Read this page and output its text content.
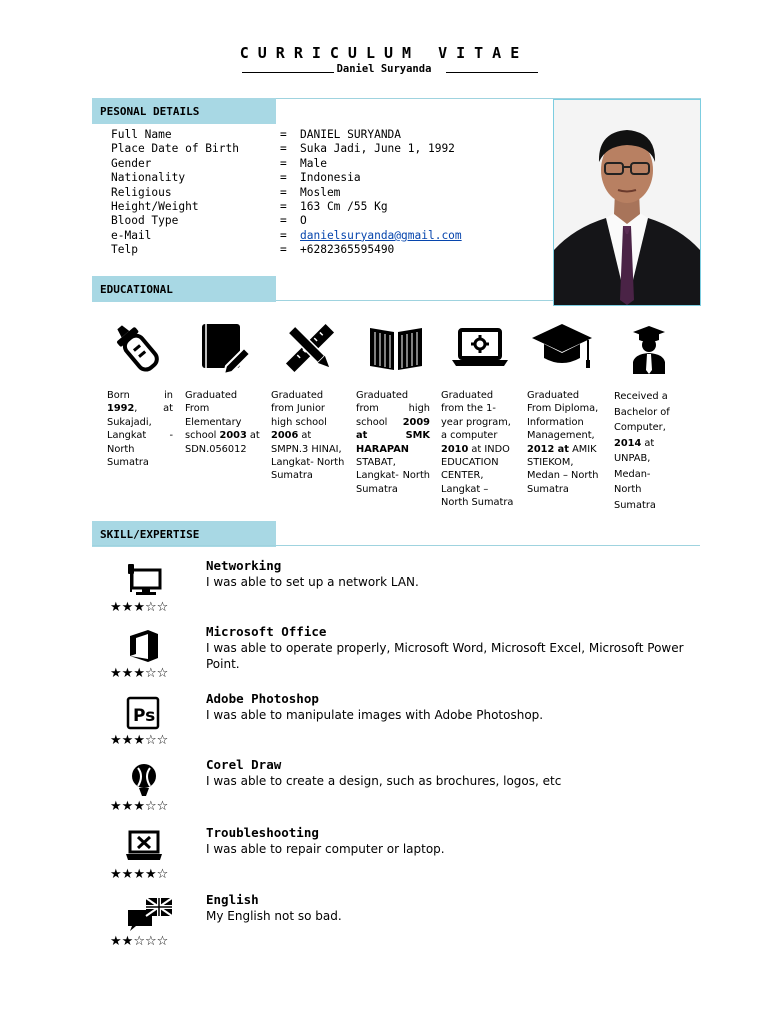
CURRICULUM VITAE
Daniel Suryanda
PESONAL DETAILS
Full Name	= DANIEL SURYANDA
Place Date of Birth	= Suka Jadi, June 1, 1992
Gender	= Male
Nationality	= Indonesia
Religious	= Moslem
Height/Weight	= 163 Cm /55 Kg
Blood Type	= O
e-Mail	= danielsuryanda@gmail.com
Telp	= +6282365595490
EDUCATIONAL
Born in 1992, at Sukajadi, Langkat - North Sumatra
Graduated From Elementary school 2003 at SDN.056012
Graduated from Junior high school 2006 at SMPN.3 HINAI, Langkat- North Sumatra
Graduated from high school 2009 at SMK HARAPAN STABAT, Langkat- North Sumatra
Graduated from the 1-year program, a computer 2010 at INDO EDUCATION CENTER, Langkat – North Sumatra
Graduated From Diploma, Information Management, 2012 at AMIK STIEKOM, Medan – North Sumatra
Received a Bachelor of Computer, 2014 at UNPAB, Medan-North Sumatra
SKILL/EXPERTISE
Ps
Networking
I was able to set up a network LAN.
★★★☆☆
Microsoft Office
I was able to operate properly, Microsoft Word, Microsoft Excel, Microsoft Power Point.
★★★☆☆
Adobe Photoshop
I was able to manipulate images with Adobe Photoshop.
★★★☆☆
Corel Draw
I was able to create a design, such as brochures, logos, etc
★★★☆☆
Troubleshooting
I was able to repair computer or laptop.
★★★★☆
English
My English not so bad.
★★☆☆☆
